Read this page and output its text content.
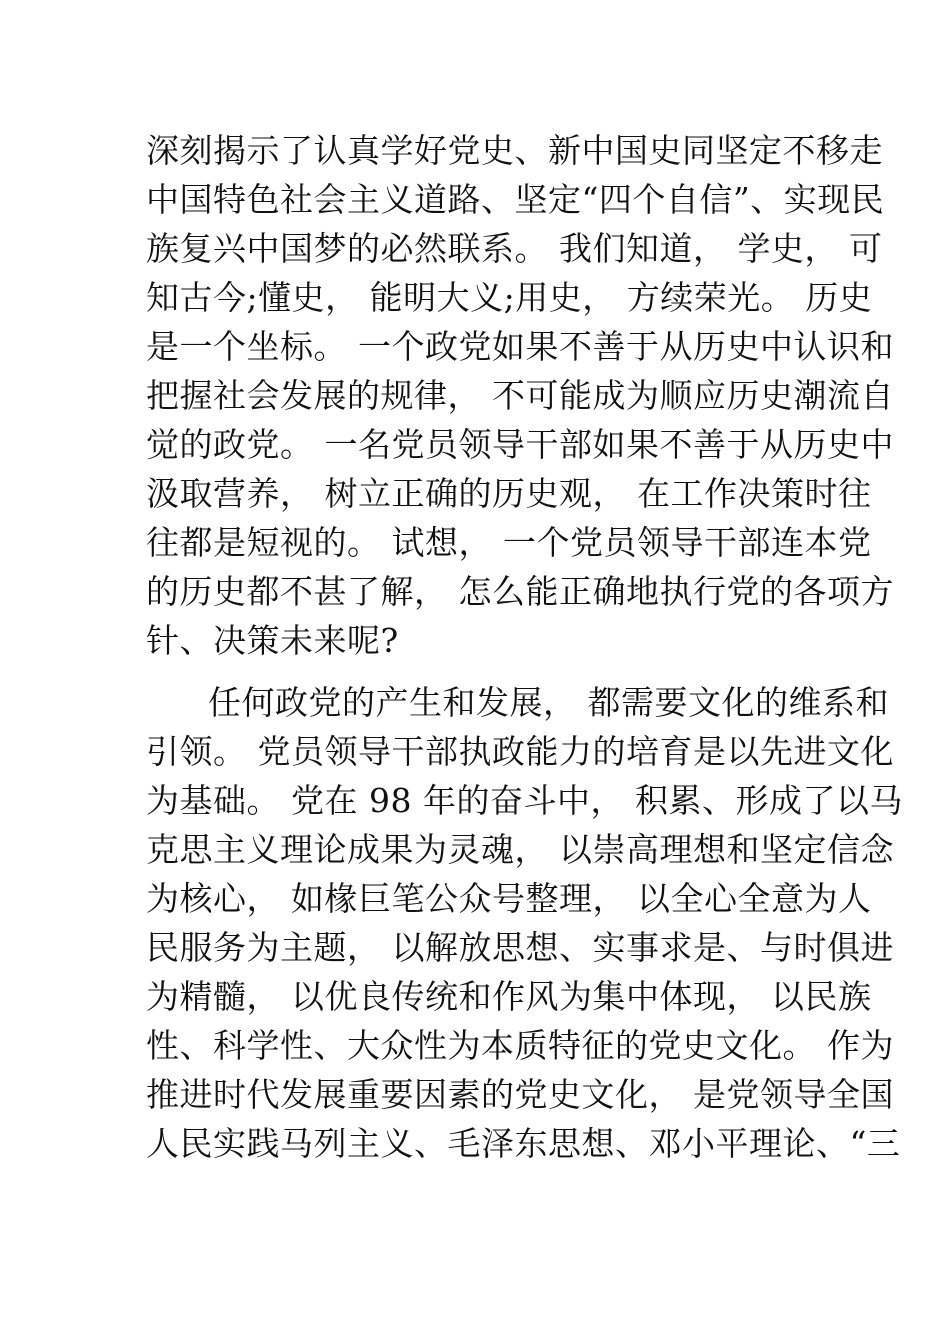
深刻揭示了认真学好党史、新中国史同坚定不移走
中国特色社会主义道路、坚定“四个自信”、实现民
族复兴中国梦的必然联系。 我们知道， 学史， 可
知古今;懂史， 能明大义;用史， 方续荣光。 历史
是一个坐标。 一个政党如果不善于从历史中认识和
把握社会发展的规律， 不可能成为顺应历史潮流自
觉的政党。 一名党员领导干部如果不善于从历史中
汲取营养， 树立正确的历史观， 在工作决策时往
往都是短视的。 试想， 一个党员领导干部连本党
的历史都不甚了解， 怎么能正确地执行党的各项方
针、决策未来呢?
任何政党的产生和发展， 都需要文化的维系和
引领。 党员领导干部执政能力的培育是以先进文化
为基础。 党在 98 年的奋斗中， 积累、形成了以马
克思主义理论成果为灵魂， 以崇高理想和坚定信念
为核心， 如椽巨笔公众号整理， 以全心全意为人
民服务为主题， 以解放思想、实事求是、与时俱进
为精髓， 以优良传统和作风为集中体现， 以民族
性、科学性、大众性为本质特征的党史文化。 作为
推进时代发展重要因素的党史文化， 是党领导全国
人民实践马列主义、毛泽东思想、邓小平理论、“三
